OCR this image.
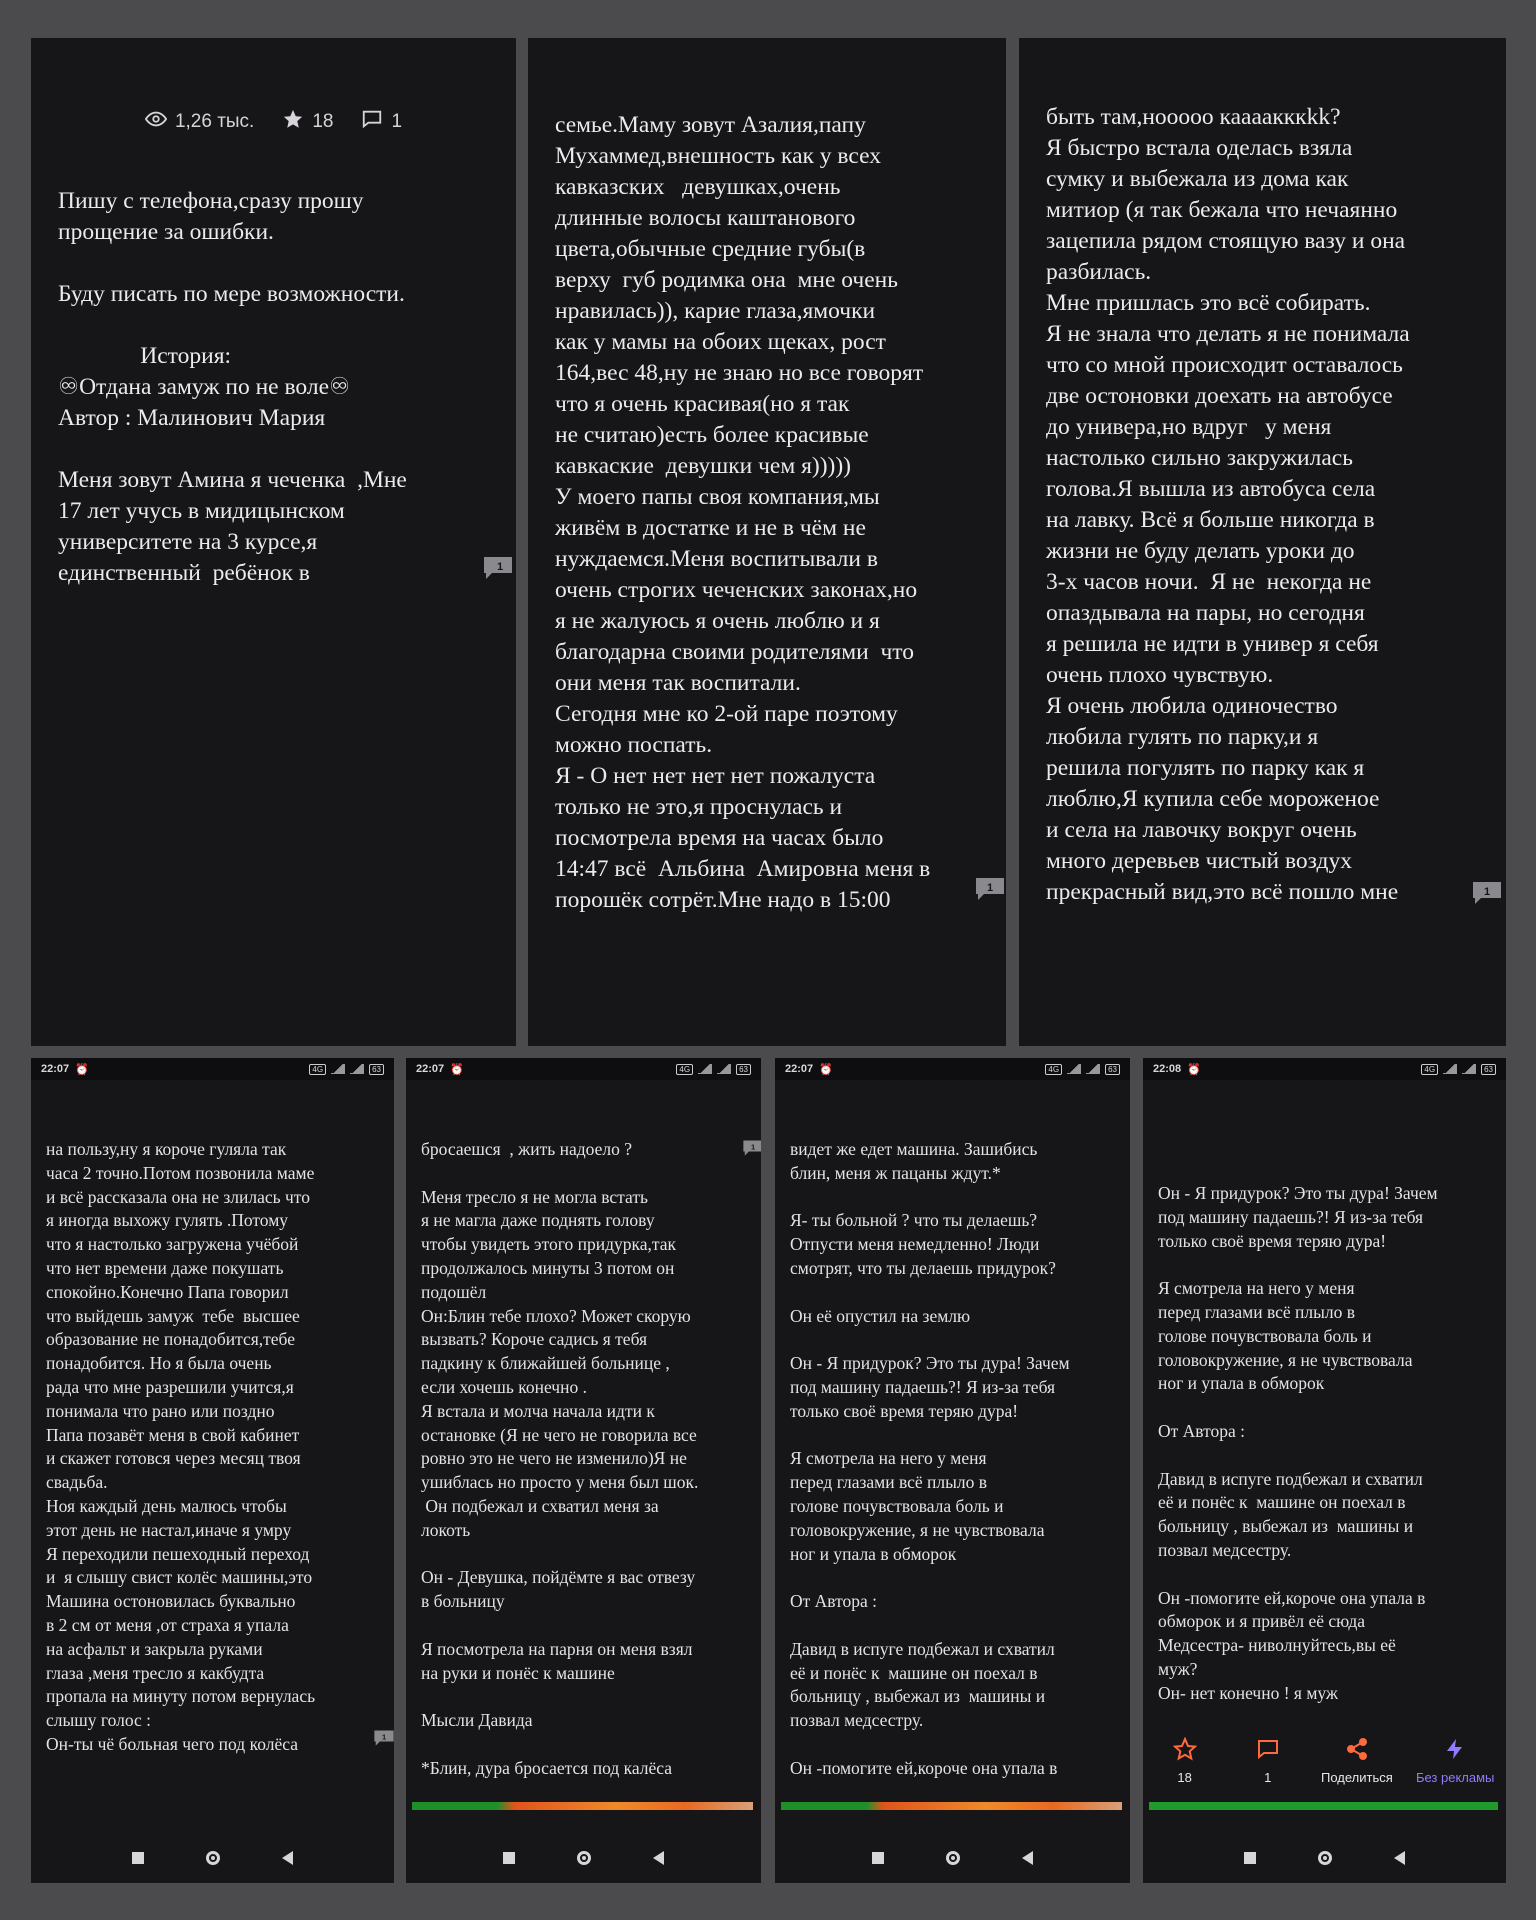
1,26 тыс.	18	1
Пишу с телефона,сразу прошу
прощение за ошибки.

Буду писать по мере возможности.

История:
♾Отдана замуж по не воле♾
Автор : Малинович Мария

Меня зовут Амина я чеченка  ,Мне
17 лет учусь в мидицынском
университете на 3 курсе,я
единственный  ребёнок в	1
семье.Маму зовут Азалия,папу
Мухаммед,внешность как у всех
кавказских   девушках,очень
длинные волосы каштанового
цвета,обычные средние губы(в
верху  губ родимка она  мне очень
нравилась)), карие глаза,ямочки
как у мамы на обоих щеках, рост
164,вес 48,ну не знаю но все говорят
что я очень красивая(но я так
не считаю)есть более красивые
кавкаские  девушки чем я)))))
У моего папы своя компания,мы
живём в достатке и не в чём не
нуждаемся.Меня воспитывали в
очень строгих чеченских законах,но
я не жалуюсь я очень люблю и я
благодарна своими родителями  что
они меня так воспитали.
Сегодня мне ко 2-ой паре поэтому
можно поспать.
Я - О нет нет нет нет пожалуста
только не это,я проснулась и
посмотрела время на часах было
14:47 всё  Альбина  Амировна меня в
порошёк сотрёт.Мне надо в 15:00	1
быть там,нооооо каааакккkk?
Я быстро встала оделась взяла
сумку и выбежала из дома как
митиор (я так бежала что нечаянно
зацепила рядом стоящую вазу и она
разбилась.
Мне пришлась это всё собирать.
Я не знала что делать я не понимала
что со мной происходит оставалось
две остоновки доехать на автобусе
до универа,но вдруг   у меня
настолько сильно закружилась
голова.Я вышла из автобуса села
на лавку. Всё я больше никогда в
жизни не буду делать уроки до
3-х часов ночи.  Я не  некогда не
опаздывала на пары, но сегодня
я решила не идти в универ я себя
очень плохо чувствую.
Я очень любила одиночество
любила гулять по парку,и я
решила погулять по парку как я
люблю,Я купила себе мороженое
и села на лавочку вокруг очень
много деревьев чистый воздух
прекрасный вид,это всё пошло мне	1
22:07 ⏰	4G	63
на пользу,ну я короче гуляла так
часа 2 точно.Потом позвонила маме
и всё рассказала она не злилась что
я иногда выхожу гулять .Потому
что я настолько загружена учёбой
что нет времени даже покушать
спокойно.Конечно Папа говорил
что выйдешь замуж  тебе  высшее
образование не понадобится,тебе
понадобится. Но я была очень
рада что мне разрешили учится,я
понимала что рано или поздно
Папа позавёт меня в свой кабинет
и скажет готовся через месяц твоя
свадьба.
Ноя каждый день малюсь чтобы
этот день не настал,иначе я умру
Я переходили пешеходный переход
и  я слышу свист колёс машины,это
Машина остоновилась буквально
в 2 см от меня ,от страха я упала
на асфальт и закрыла руками
глаза ,меня тресло я какбудта
пропала на минуту потом вернулась
слышу голос :
Он-ты чё больная чего под колёса	1
22:07 ⏰	4G	63
бросаешся  , жить надоело ?

Меня тресло я не могла встать
я не магла даже поднять голову
чтобы увидеть этого придурка,так
продолжалось минуты 3 потом он
подошёл
Он:Блин тебе плохо? Может скорую
вызвать? Короче садись я тебя
падкину к ближайшей больнице ,
если хочешь конечно .
Я встала и молча начала идти к
остановке (Я не чего не говорила все
ровно это не чего не изменило)Я не
ушиблась но просто у меня был шок.
Он подбежал и схватил меня за
локоть

Он - Девушка, пойдёмте я вас отвезу
в больницу

Я посмотрела на парня он меня взял
на руки и понёс к машине

Мысли Давида

*Блин, дура бросается под калёса
1
22:07 ⏰	4G	63
видет же едет машина. Зашибись
блин, меня ж пацаны ждут.*

Я- ты больной ? что ты делаешь?
Отпусти меня немедленно! Люди
смотрят, что ты делаешь придурок?

Он её опустил на землю

Он - Я придурок? Это ты дура! Зачем
под машину падаешь?! Я из-за тебя
только своё время теряю дура!

Я смотрела на него у меня
перед глазами всё плыло в
голове почувствовала боль и
головокружение, я не чувствовала
ног и упала в обморок

От Автора :

Давид в испуге подбежал и схватил
её и понёс к  машине он поехал в
больницу , выбежал из  машины и
позвал медсестру.

Он -помогите ей,короче она упала в
22:08 ⏰	4G	63
Он - Я придурок? Это ты дура! Зачем
под машину падаешь?! Я из-за тебя
только своё время теряю дура!

Я смотрела на него у меня
перед глазами всё плыло в
голове почувствовала боль и
головокружение, я не чувствовала
ног и упала в обморок

От Автора :

Давид в испуге подбежал и схватил
её и понёс к  машине он поехал в
больницу , выбежал из  машины и
позвал медсестру.

Он -помогите ей,короче она упала в
обморок и я привёл её сюда
Медсестра- ниволнуйтесь,вы её
муж?
Он- нет конечно ! я муж
18	1	Поделиться Без рекламы
